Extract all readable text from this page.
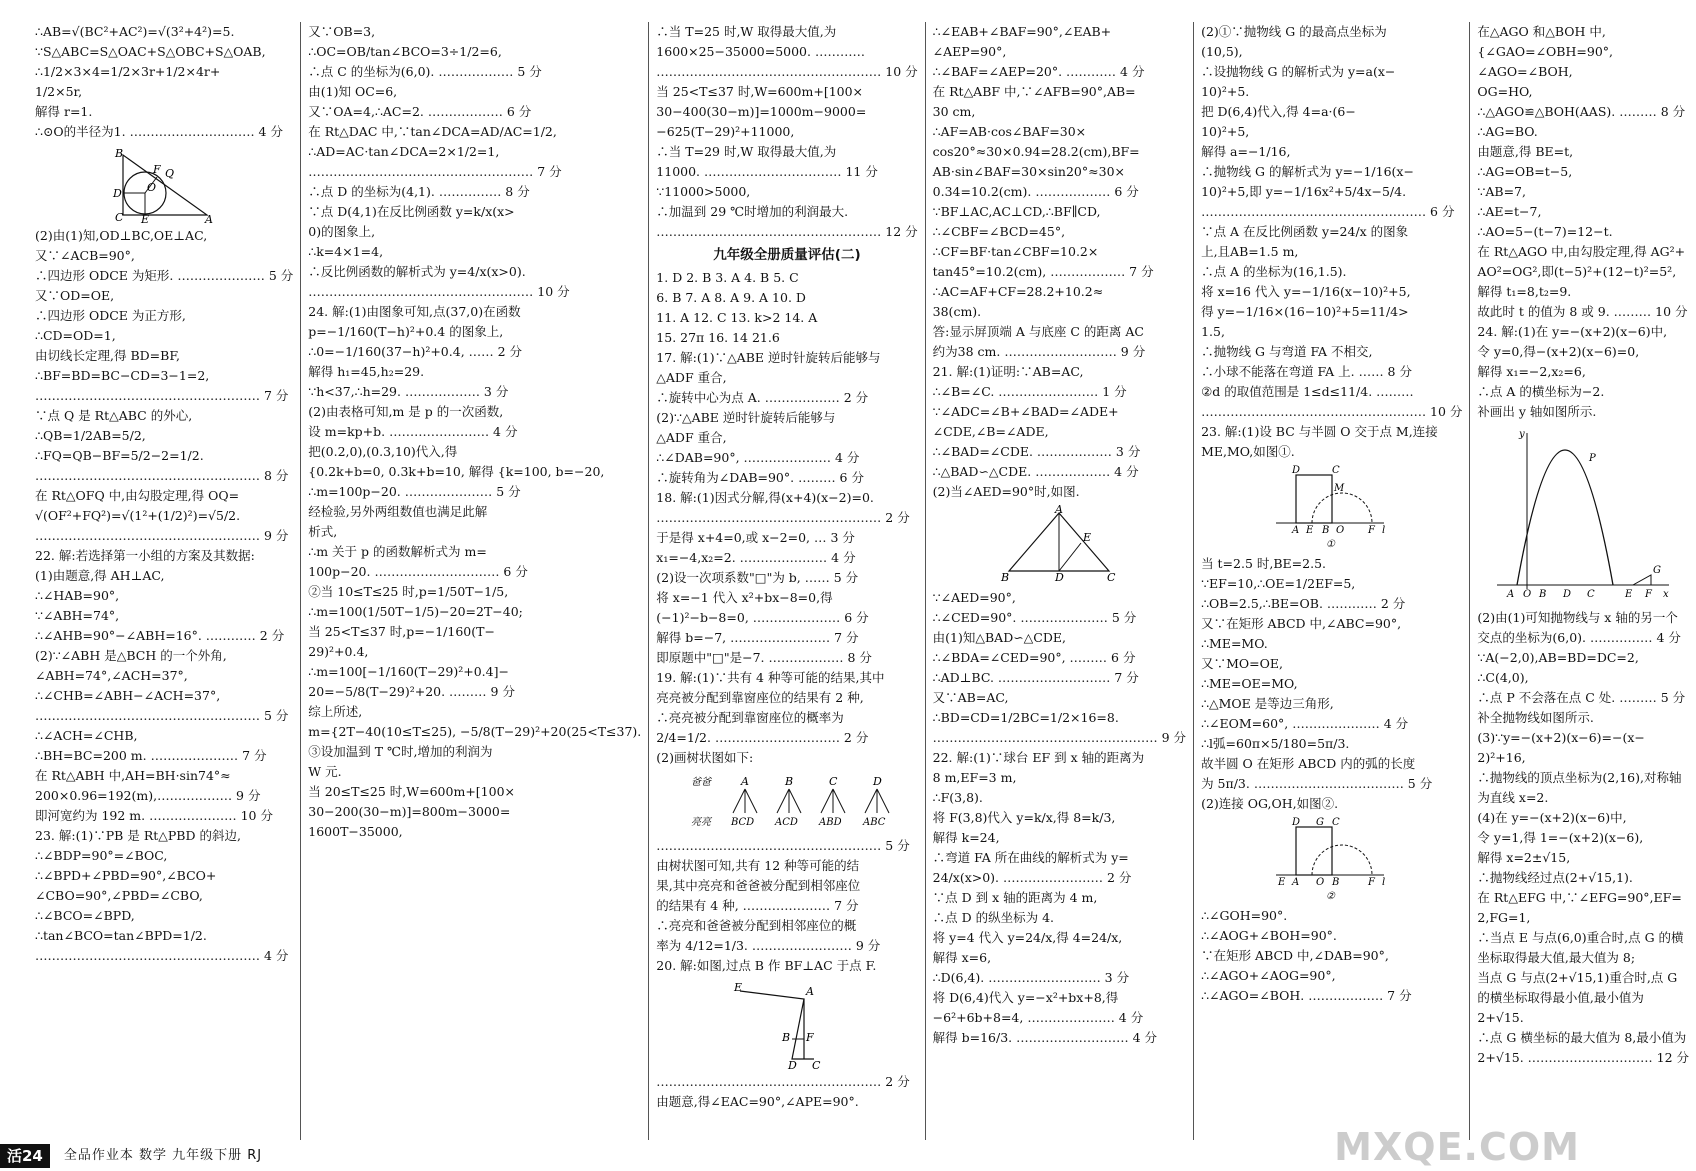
∴AB=√(BC²+AC²)=√(3²+4²)=5.
∵S△ABC=S△OAC+S△OBC+S△OAB,
∴1/2×3×4=1/2×3r+1/2×4r+
1/2×5r,
解得 r=1.
∴⊙O的半径为1. ………………………… 4 分
B
Q
F
O
C
D
E	A
(2)由(1)知,OD⊥BC,OE⊥AC,
又∵∠ACB=90°,
∴四边形 ODCE 为矩形. ………………… 5 分
又∵OD=OE,
∴四边形 ODCE 为正方形,
∴CD=OD=1,
由切线长定理,得 BD=BF,
∴BF=BD=BC−CD=3−1=2,
……………………………………………… 7 分
∵点 Q 是 Rt△ABC 的外心,
∴QB=1/2AB=5/2,
∴FQ=QB−BF=5/2−2=1/2.
……………………………………………… 8 分
在 Rt△OFQ 中,由勾股定理,得 OQ=
√(OF²+FQ²)=√(1²+(1/2)²)=√5/2.
……………………………………………… 9 分
22. 解:若选择第一小组的方案及其数据:
(1)由题意,得 AH⊥AC,
∴∠HAB=90°,
∵∠ABH=74°,
∴∠AHB=90°−∠ABH=16°. ………… 2 分
(2)∵∠ABH 是△BCH 的一个外角,
∠ABH=74°,∠ACH=37°,
∴∠CHB=∠ABH−∠ACH=37°,
……………………………………………… 5 分
∴∠ACH=∠CHB,
∴BH=BC=200 m. ………………… 7 分
在 Rt△ABH 中,AH=BH·sin74°≈
200×0.96=192(m),……………… 9 分
即河宽约为 192 m. ………………… 10 分
23. 解:(1)∵PB 是 Rt△PBD 的斜边,
∴∠BDP=90°=∠BOC,
∴∠BPD+∠PBD=90°,∠BCO+
∠CBO=90°,∠PBD=∠CBO,
∴∠BCO=∠BPD,
∴tan∠BCO=tan∠BPD=1/2.
……………………………………………… 4 分
又∵OB=3,
∴OC=OB/tan∠BCO=3÷1/2=6,
∴点 C 的坐标为(6,0). ……………… 5 分
由(1)知 OC=6,
又∵OA=4,∴AC=2. ……………… 6 分
在 Rt△DAC 中,∵tan∠DCA=AD/AC=1/2,
∴AD=AC·tan∠DCA=2×1/2=1,
……………………………………………… 7 分
∴点 D 的坐标为(4,1). …………… 8 分
∵点 D(4,1)在反比例函数 y=k/x(x>
0)的图象上,
∴k=4×1=4,
∴反比例函数的解析式为 y=4/x(x>0).
……………………………………………… 10 分
24. 解:(1)由图象可知,点(37,0)在函数
p=−1/160(T−h)²+0.4 的图象上,
∴0=−1/160(37−h)²+0.4, …… 2 分
解得 h₁=45,h₂=29.
∵h<37,∴h=29. ……………… 3 分
(2)由表格可知,m 是 p 的一次函数,
设 m=kp+b. …………………… 4 分
把(0.2,0),(0.3,10)代入,得
{0.2k+b=0, 0.3k+b=10, 解得 {k=100, b=−20,
∴m=100p−20. ………………… 5 分
经检验,另外两组数值也满足此解
析式,
∴m 关于 p 的函数解析式为 m=
100p−20. ………………………… 6 分
②当 10≤T≤25 时,p=1/50T−1/5,
∴m=100(1/50T−1/5)−20=2T−40;
当 25<T≤37 时,p=−1/160(T−
29)²+0.4,
∴m=100[−1/160(T−29)²+0.4]−
20=−5/8(T−29)²+20. ……… 9 分
综上所述,
m={2T−40(10≤T≤25), −5/8(T−29)²+20(25<T≤37).
③设加温到 T ℃时,增加的利润为
W 元.
当 20≤T≤25 时,W=600m+[100×
30−200(30−m)]=800m−3000=
1600T−35000,
∴当 T=25 时,W 取得最大值,为
1600×25−35000=5000. …………
……………………………………………… 10 分
当 25<T≤37 时,W=600m+[100×
30−400(30−m)]=1000m−9000=
−625(T−29)²+11000,
∴当 T=29 时,W 取得最大值,为
11000. …………………………… 11 分
∵11000>5000,
∴加温到 29 ℃时增加的利润最大.
……………………………………………… 12 分
九年级全册质量评估(二)
1. D 2. B 3. A 4. B 5. C
6. B 7. A 8. A 9. A 10. D
11. A 12. C 13. k>2 14. A
15. 27π 16. 14 21.6
17. 解:(1)∵△ABE 逆时针旋转后能够与
△ADF 重合,
∴旋转中心为点 A. ……………… 2 分
(2)∵△ABE 逆时针旋转后能够与
△ADF 重合,
∴∠DAB=90°, ………………… 4 分
∴旋转角为∠DAB=90°. ……… 6 分
18. 解:(1)因式分解,得(x+4)(x−2)=0.
……………………………………………… 2 分
于是得 x+4=0,或 x−2=0, … 3 分
x₁=−4,x₂=2. ………………… 4 分
(2)设一次项系数"□"为 b, …… 5 分
将 x=−1 代入 x²+bx−8=0,得
(−1)²−b−8=0, ………………… 6 分
解得 b=−7, …………………… 7 分
即原题中"□"是−7. ……………… 8 分
19. 解:(1)∵共有 4 种等可能的结果,其中
亮亮被分配到靠窗座位的结果有 2 种,
∴亮亮被分配到靠窗座位的概率为
2/4=1/2. ………………………… 2 分
(2)画树状图如下:
爸爸
亮亮
A
BCD
B
ACD
C
ABD
D
ABC
……………………………………………… 5 分
由树状图可知,共有 12 种等可能的结
果,其中亮亮和爸爸被分配到相邻座位
的结果有 4 种, ………………… 7 分
∴亮亮和爸爸被分配到相邻座位的概
率为 4/12=1/3. …………………… 9 分
20. 解:如图,过点 B 作 BF⊥AC 于点 F.
E	A
B F
D C
……………………………………………… 2 分
由题意,得∠EAC=90°,∠APE=90°.
∴∠EAB+∠BAF=90°,∠EAB+
∠AEP=90°,
∴∠BAF=∠AEP=20°. ………… 4 分
在 Rt△ABF 中,∵∠AFB=90°,AB=
30 cm,
∴AF=AB·cos∠BAF=30×
cos20°≈30×0.94=28.2(cm),BF=
AB·sin∠BAF=30×sin20°≈30×
0.34=10.2(cm). ……………… 6 分
∵BF⊥AC,AC⊥CD,∴BF∥CD,
∴∠CBF=∠BCD=45°,
∴CF=BF·tan∠CBF=10.2×
tan45°=10.2(cm), ……………… 7 分
∴AC=AF+CF=28.2+10.2≈
38(cm).
答:显示屏顶端 A 与底座 C 的距离 AC
约为38 cm. ……………………… 9 分
21. 解:(1)证明:∵AB=AC,
∴∠B=∠C. …………………… 1 分
∵∠ADC=∠B+∠BAD=∠ADE+
∠CDE,∠B=∠ADE,
∴∠BAD=∠CDE. ……………… 3 分
∴△BAD∽△CDE. ……………… 4 分
(2)当∠AED=90°时,如图.
A
E
B	D	C
∵∠AED=90°,
∴∠CED=90°. ………………… 5 分
由(1)知△BAD∽△CDE,
∴∠BDA=∠CED=90°, ……… 6 分
∴AD⊥BC. ……………………… 7 分
又∵AB=AC,
∴BD=CD=1/2BC=1/2×16=8.
……………………………………………… 9 分
22. 解:(1)∵球台 EF 到 x 轴的距离为
8 m,EF=3 m,
∴F(3,8).
将 F(3,8)代入 y=k/x,得 8=k/3,
解得 k=24,
∴弯道 FA 所在曲线的解析式为 y=
24/x(x>0). …………………… 2 分
∵点 D 到 x 轴的距离为 4 m,
∴点 D 的纵坐标为 4.
将 y=4 代入 y=24/x,得 4=24/x,
解得 x=6,
∴D(6,4). ……………………… 3 分
将 D(6,4)代入 y=−x²+bx+8,得
−6²+6b+8=4, ………………… 4 分
解得 b=16/3. ……………………… 4 分
(2)①∵抛物线 G 的最高点坐标为
(10,5),
∴设抛物线 G 的解析式为 y=a(x−
10)²+5.
把 D(6,4)代入,得 4=a·(6−
10)²+5,
解得 a=−1/16,
∴抛物线 G 的解析式为 y=−1/16(x−
10)²+5,即 y=−1/16x²+5/4x−5/4.
……………………………………………… 6 分
∵点 A 在反比例函数 y=24/x 的图象
上,且AB=1.5 m,
∴点 A 的坐标为(16,1.5).
将 x=16 代入 y=−1/16(x−10)²+5,
得 y=−1/16×(16−10)²+5=11/4>
1.5,
∴抛物线 G 与弯道 FA 不相交,
∴小球不能落在弯道 FA 上. …… 8 分
②d 的取值范围是 1≤d≤11/4. ………
……………………………………………… 10 分
23. 解:(1)设 BC 与半圆 O 交于点 M,连接
ME,MO,如图①.
D	C
M
A E B O F l
①
当 t=2.5 时,BE=2.5.
∵EF=10,∴OE=1/2EF=5,
∴OB=2.5,∴BE=OB. ………… 2 分
又∵在矩形 ABCD 中,∠ABC=90°,
∴ME=MO.
又∵MO=OE,
∴ME=OE=MO,
∴△MOE 是等边三角形,
∴∠EOM=60°, ………………… 4 分
∴l弧=60π×5/180=5π/3.
故半圆 O 在矩形 ABCD 内的弧的长度
为 5π/3. ……………………………… 5 分
(2)连接 OG,OH,如图②.
D G C
E A O B	F l
②
∴∠GOH=90°.
∴∠AOG+∠BOH=90°.
∵在矩形 ABCD 中,∠DAB=90°,
∴∠AGO+∠AOG=90°,
∴∠AGO=∠BOH. ……………… 7 分
在△AGO 和△BOH 中,
{∠GAO=∠OBH=90°,
∠AGO=∠BOH,
OG=HO,
∴△AGO≌△BOH(AAS). ……… 8 分
∴AG=BO.
由题意,得 BE=t,
∴AG=OB=t−5,
∵AB=7,
∴AE=t−7,
∴AO=5−(t−7)=12−t.
在 Rt△AGO 中,由勾股定理,得 AG²+
AO²=OG²,即(t−5)²+(12−t)²=5²,
解得 t₁=8,t₂=9.
故此时 t 的值为 8 或 9. ……… 10 分
24. 解:(1)在 y=−(x+2)(x−6)中,
令 y=0,得−(x+2)(x−6)=0,
解得 x₁=−2,x₂=6,
∴点 A 的横坐标为−2.
补画出 y 轴如图所示.
y
P
A O B D C	E F
G
x
(2)由(1)可知抛物线与 x 轴的另一个
交点的坐标为(6,0). …………… 4 分
∵A(−2,0),AB=BD=DC=2,
∴C(4,0),
∴点 P 不会落在点 C 处. ……… 5 分
补全抛物线如图所示.
(3)∵y=−(x+2)(x−6)=−(x−
2)²+16,
∴抛物线的顶点坐标为(2,16),对称轴
为直线 x=2.
(4)在 y=−(x+2)(x−6)中,
令 y=1,得 1=−(x+2)(x−6),
解得 x=2±√15,
∴抛物线经过点(2+√15,1).
在 Rt△EFG 中,∵∠EFG=90°,EF=
2,FG=1,
∴当点 E 与点(6,0)重合时,点 G 的横
坐标取得最大值,最大值为 8;
当点 G 与点(2+√15,1)重合时,点 G
的横坐标取得最小值,最小值为
2+√15.
∴点 G 横坐标的最大值为 8,最小值为
2+√15. ………………………… 12 分
活24	全品作业本 数学 九年级下册 RJ	MXQE.COM
